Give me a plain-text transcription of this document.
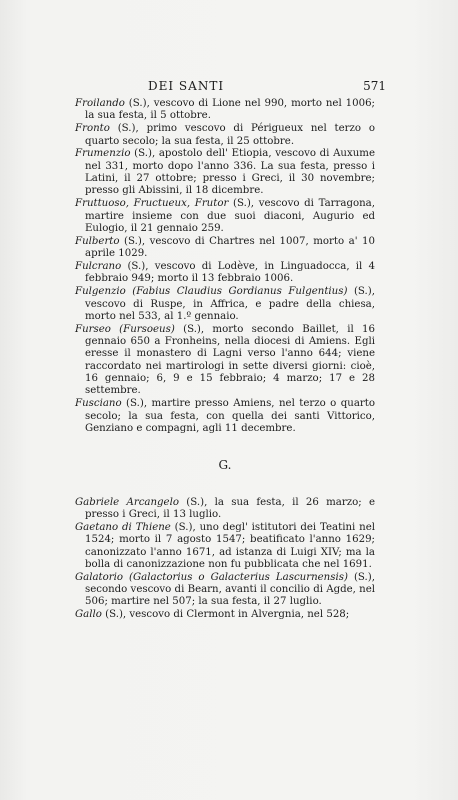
DEI SANTI	571

Froilando (S.), vescovo di Lione nel 990, morto nel 1006; la sua festa, il 5 ottobre.

Fronto (S.), primo vescovo di Périgueux nel terzo o quarto secolo; la sua festa, il 25 ottobre.

Frumenzio (S.), apostolo dell' Etiopia, vescovo di Auxume nel 331, morto dopo l'anno 336. La sua festa, presso i Latini, il 27 ottobre; presso i Greci, il 30 novembre; presso gli Abissini, il 18 dicembre.

Fruttuoso, Fructueux, Frutor (S.), vescovo di Tarragona, martire insieme con due suoi diaconi, Augurio ed Eulogio, il 21 gennaio 259.

Fulberto (S.), vescovo di Chartres nel 1007, morto a' 10 aprile 1029.

Fulcrano (S.), vescovo di Lodève, in Linguadocca, il 4 febbraio 949; morto il 13 febbraio 1006.

Fulgenzio (Fabius Claudius Gordianus Fulgentius) (S.), vescovo di Ruspe, in Affrica, e padre della chiesa, morto nel 533, al 1.º gennaio.

Furseo (Fursoeus) (S.), morto secondo Baillet, il 16 gennaio 650 a Fronheins, nella diocesi di Amiens. Egli eresse il monastero di Lagni verso l'anno 644; viene raccordato nei martirologi in sette diversi giorni: cioè, 16 gennaio; 6, 9 e 15 febbraio; 4 marzo; 17 e 28 settembre.

Fusciano (S.), martire presso Amiens, nel terzo o quarto secolo; la sua festa, con quella dei santi Vittorico, Genziano e compagni, agli 11 decembre.

G.

Gabriele Arcangelo (S.), la sua festa, il 26 marzo; e presso i Greci, il 13 luglio.

Gaetano di Thiene (S.), uno degl' istitutori dei Teatini nel 1524; morto il 7 agosto 1547; beatificato l'anno 1629; canonizzato l'anno 1671, ad istanza di Luigi XIV; ma la bolla di canonizzazione non fu pubblicata che nel 1691.

Galatorio (Galactorius o Galacterius Lascurnensis) (S.), secondo vescovo di Bearn, avanti il concilio di Agde, nel 506; martire nel 507; la sua festa, il 27 luglio.

Gallo (S.), vescovo di Clermont in Alvergnia, nel 528;
